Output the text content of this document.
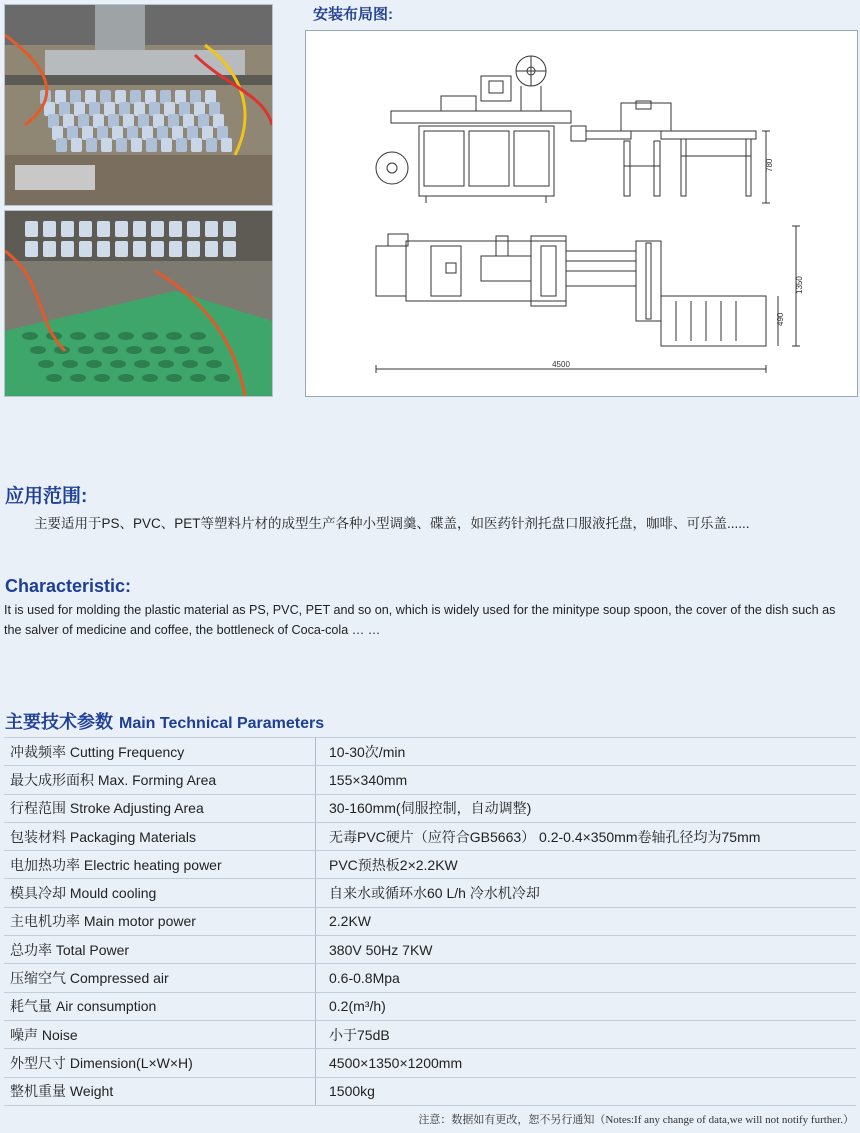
安装布局图:
780
1350
490
4500
应用范围:
主要适用于PS、PVC、PET等塑料片材的成型生产各种小型调羹、碟盖，如医药针剂托盘口服液托盘，咖啡、可乐盖......
Characteristic:
It is used for molding the plastic material as PS, PVC, PET and so on, which is widely used for the minitype soup spoon, the cover of the dish such as the salver of medicine and coffee, the bottleneck of Coca-cola … …
主要技术参数 Main Technical Parameters
冲裁频率 Cutting Frequency	10-30次/min
最大成形面积 Max. Forming Area	155×340mm
行程范围 Stroke Adjusting Area	30-160mm(伺服控制，自动调整)
包装材料 Packaging Materials	无毒PVC硬片（应符合GB5663） 0.2-0.4×350mm卷轴孔径均为75mm
电加热功率 Electric heating power	PVC预热板2×2.2KW
模具冷却 Mould cooling	自来水或循环水60 L/h 冷水机冷却
主电机功率 Main motor power	2.2KW
总功率 Total Power	380V 50Hz 7KW
压缩空气 Compressed air	0.6-0.8Mpa
耗气量 Air consumption	0.2(m³/h)
噪声 Noise	小于75dB
外型尺寸 Dimension(L×W×H)	4500×1350×1200mm
整机重量 Weight	1500kg
注意：数据如有更改，恕不另行通知（Notes:If any change of data,we will not notify further.）
